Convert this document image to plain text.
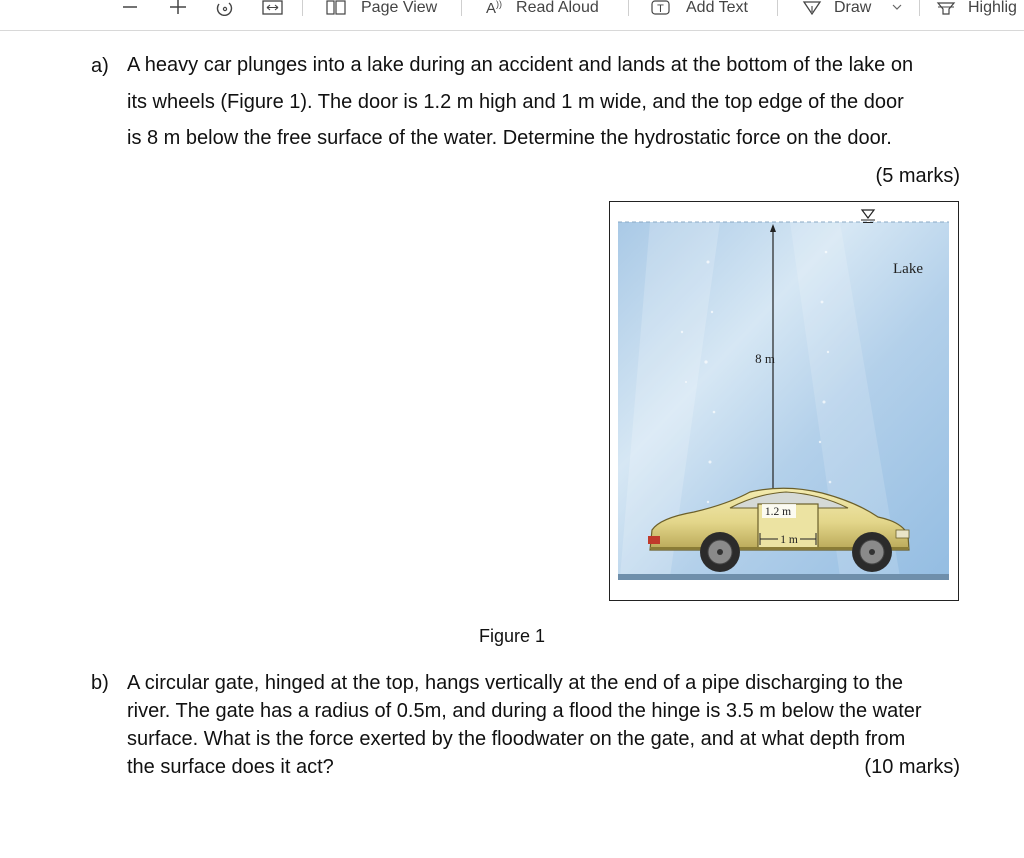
Page View	A)) Read Aloud	T Add Text	Draw	Highlig
a) A heavy car plunges into a lake during an accident and lands at the bottom of the lake on
its wheels (Figure 1). The door is 1.2 m high and 1 m wide, and the top edge of the door
is 8 m below the free surface of the water. Determine the hydrostatic force on the door.
(5 marks)
Lake
8 m
1.2 m
1 m
Figure 1
b) A circular gate, hinged at the top, hangs vertically at the end of a pipe discharging to the
river. The gate has a radius of 0.5m, and during a flood the hinge is 3.5 m below the water
surface. What is the force exerted by the floodwater on the gate, and at what depth from
the surface does it act?	(10 marks)
